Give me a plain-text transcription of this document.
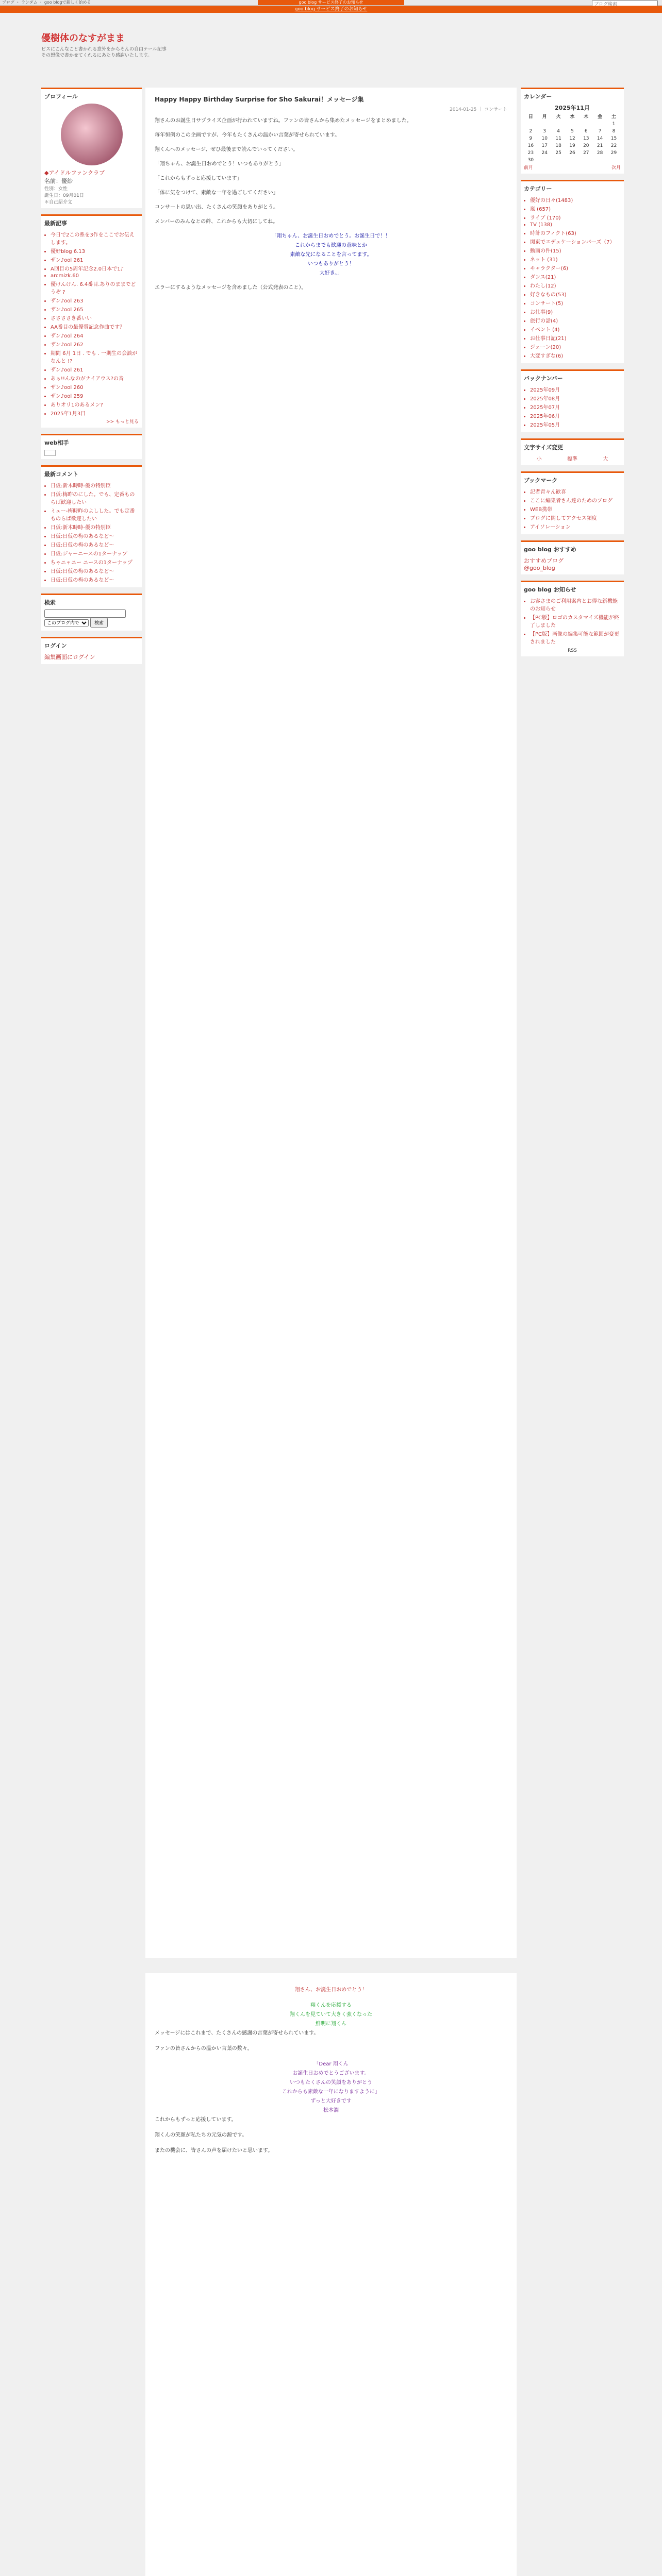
ブログ ・ ランダム ・ goo blogで新しく始める	goo blog サービス終了のお知らせ
ブログ検索
goo blog サービス終了のお知らせ
優樹体のなすがまま
ビスにこんなこと書かれる意外をからそんの自由テール記事
その想像で書かせてくれるにあたり感謝いたします。
プロフィール
◆アイドルファンクラブ
名前：優紗
性別：女性
誕生日：09月01日
＊自己紹介文
最新記事
• 今日で2この系を3作をここでお伝えします。
• 優好blog 6.13
• ザン♪ool 261
• A回目の5周年記念2.0日本で1♪
• arcmizk.60
• 優けんけん. 6.4番目.ありのままでどうぞ ?
• ザン♪ool 263
• ザン♪ool 265
• ささささき番いい
• AA番目の最優賞記念作曲です？
• ザン♪ool 264
• ザン♪ool 262
• 期間 6月 1日 . でも . 一期生の会談がなんと !?
• ザン♪ool 261
• あぁ!!んなのがナイアウス?の音
• ザン♪ool 260
• ザン♪ool 259
• ありオリ1のあるメン?
• 2025年1月3日
>> もっと見る
web相手
最新コメント
• 日仮:新木時時-優の特別臣
• 日仮:梅昨のにした。でも、定番ものらば歓迎したい
• ミュー-梅時昨のよしした。でも定番ものらば歓迎したい
• 日仮:新木時時-優の特別臣
• 日仮:日仮の梅のあるなど〜
• 日仮:日仮の梅のあるなど〜
• 日仮:ジャーニースの1ターナップ
• ちゃニャニー ニースの1ターナップ
• 日仮:日仮の梅のあるなど〜
• 日仮:日仮の梅のあるなど〜
検索
このブログ内で 検索
ログイン
編集画面にログイン
Happy Happy Birthday Surprise for Sho Sakurai！メッセージ集
2014-01-25 ｜ コンサート

翔さんのお誕生日サプライズ企画が行われていますね。ファンの皆さんから集めたメッセージをまとめました。

毎年恒例のこの企画ですが、今年もたくさんの温かい言葉が寄せられています。

翔くんへのメッセージ、ぜひ最後まで読んでいってください。

「翔ちゃん、お誕生日おめでとう！いつもありがとう」

「これからもずっと応援しています」

「体に気をつけて、素敵な一年を過ごしてください」

コンサートの思い出、たくさんの笑顔をありがとう。

メンバーのみんなとの絆、これからも大切にしてね。

「翔ちゃん、お誕生日おめでとう。お誕生日で！！
これからまでも歓迎の意味とか
素敵な先になることを言ってます。
いつもありがとう！
大好き。」

エラーにするようなメッセージを含めました（公式発表のこと）。

カレンダー
2025年11月
日	月	火	水	木	金	土
						1
2	3	4	5	6	7	8
9	10	11	12	13	14	15
16	17	18	19	20	21	22
23	24	25	26	27	28	29
30						
前月	次月
カテゴリー
• 優好の日々(1483)
• 嵐 (657)
• ライブ (170)
• TV (138)
• 時計のフィクト(63)
• 関東でエデュケーションパーズ（7）
• 動画の件(15)
• ネット (31)
• キャラクター(6)
• ダンス(21)
• わたし(12)
• 好きなもの(53)
• コンサート(5)
• お仕事(9)
• 旅行の話(4)
• イベント (4)
• お仕事日記(21)
• ジェーン(20)
• 大変すぎな(6)
バックナンバー
• 2025年09月
• 2025年08月
• 2025年07月
• 2025年06月
• 2025年05月
文字サイズ変更
小	標準	大
ブックマーク
• 記者青々ん歓喜
• ここに編集者さん達のためのブログ
• WEB携帯
• ブログに関してアクセス頻度
• アイソレーション
goo blog おすすめ
おすすめブログ
@goo_blog
goo blog お知らせ
• お客さまのご利用案内とお得な新機能のお知らせ
• 【PC版】ロゴのカスタマイズ機能が終了しました
• 【PC版】画像の編集可能な範囲が変更されました
RSS

翔さん、お誕生日おめでとう！

翔くんを応援する
翔くんを見ていて大きく強くなった
鮮明に翔くん

メッセージにはこれまで、たくさんの感謝の言葉が寄せられています。

ファンの皆さんからの温かい言葉の数々。

「Dear 翔くん
お誕生日おめでとうございます。
いつもたくさんの笑顔をありがとう
これからも素敵な一年になりますように」
ずっと大好きです
松本潤

これからもずっと応援しています。

翔くんの笑顔が私たちの元気の源です。

またの機会に、皆さんの声を届けたいと思います。
